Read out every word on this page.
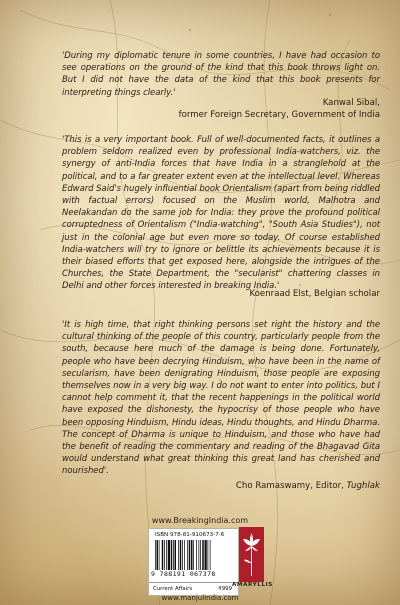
'During my diplomatic tenure in some countries, I have had occasion to see operations on the ground of the kind that this book throws light on. But I did not have the data of the kind that this book presents for interpreting things clearly.'

Kanwal Sibal,

former Foreign Secretary, Government of India

'This is a very important book. Full of well-documented facts, it outlines a problem seldom realized even by professional India-watchers, viz. the synergy of anti-India forces that have India in a stranglehold at the political, and to a far greater extent even at the intellectual level. Whereas Edward Said's hugely influential book Orientalism (apart from being riddled with factual errors) focused on the Muslim world, Malhotra and Neelakandan do the same job for India: they prove the profound political corruptedness of Orientalism ("India-watching", "South Asia Studies"), not just in the colonial age but even more so today. Of course established India-watchers will try to ignore or belittle its achievements because it is their biased efforts that get exposed here, alongside the intrigues of the Churches, the State Department, the "secularist" chattering classes in Delhi and other forces interested in breaking India.'

Koenraad Elst, Belgian scholar

'It is high time, that right thinking persons set right the history and the cultural thinking of the people of this country, particularly people from the south, because here much of the damage is being done. Fortunately, people who have been decrying Hinduism, who have been in the name of secularism, have been denigrating Hinduism, those people are exposing themselves now in a very big way. I do not want to enter into politics, but I cannot help comment it, that the recent happenings in the political world have exposed the dishonesty, the hypocrisy of those people who have been opposing Hinduism, Hindu ideas, Hindu thoughts, and Hindu Dharma. The concept of Dharma is unique to Hinduism, and those who have had the benefit of reading the commentary and reading of the Bhagavad Gita would understand what great thinking this great land has cherished and nourished'.

Cho Ramaswamy, Editor, Tughlak

www.BreakingIndia.com
ISBN 978-81-910673-7-6
9 788191 067378
Current Affairs	₹999
AMARYLLIS
www.manjulindia.com
